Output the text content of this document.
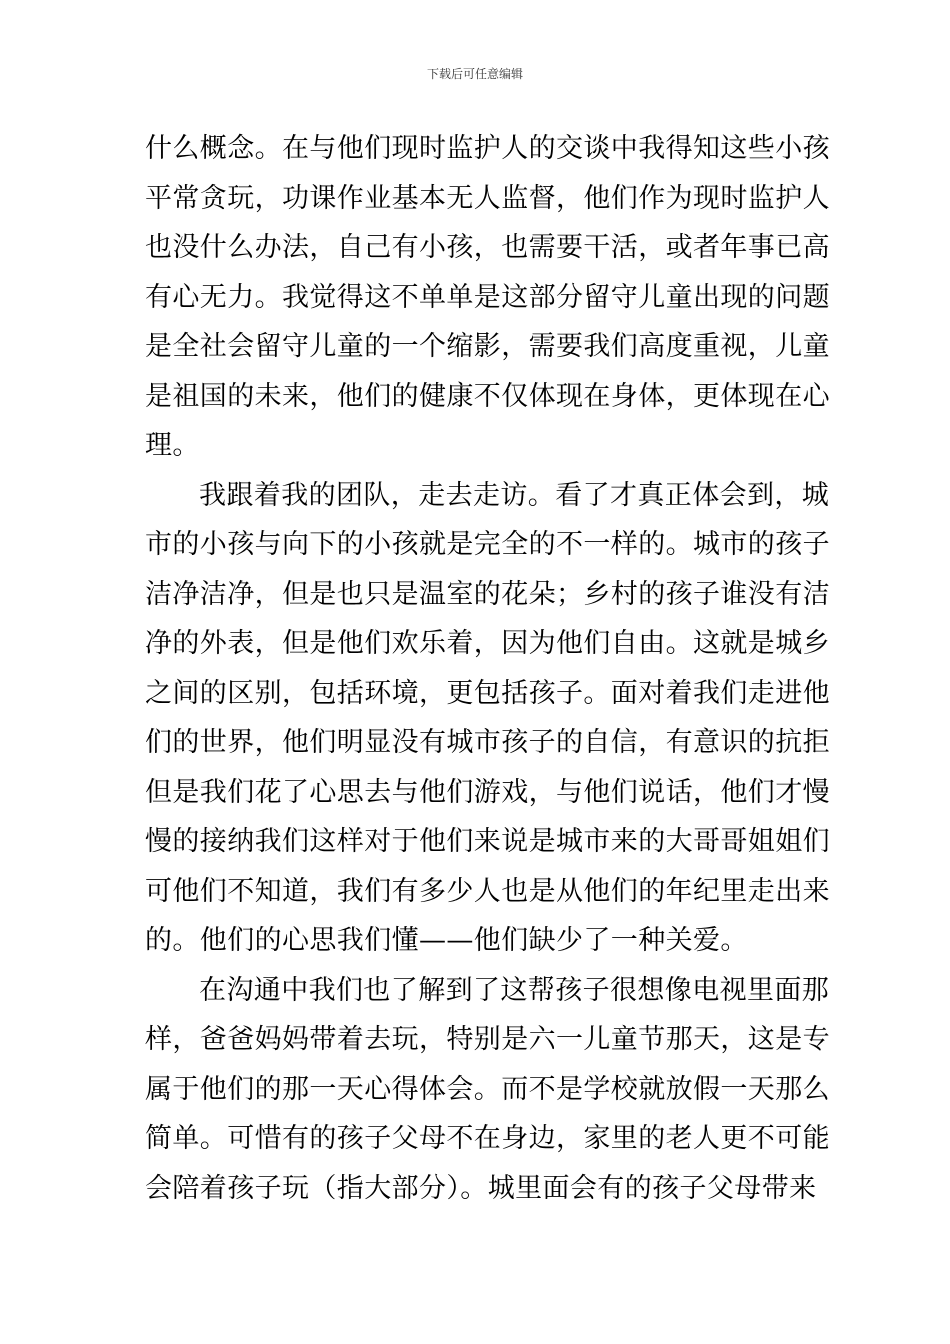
下载后可任意编辑
什么概念。在与他们现时监护人的交谈中我得知这些小孩
平常贪玩，功课作业基本无人监督，他们作为现时监护人
也没什么办法，自己有小孩，也需要干活，或者年事已高
有心无力。我觉得这不单单是这部分留守儿童出现的问题
是全社会留守儿童的一个缩影，需要我们高度重视，儿童
是祖国的未来，他们的健康不仅体现在身体，更体现在心
理。
我跟着我的团队，走去走访。看了才真正体会到，城
市的小孩与向下的小孩就是完全的不一样的。城市的孩子
洁净洁净，但是也只是温室的花朵；乡村的孩子谁没有洁
净的外表，但是他们欢乐着，因为他们自由。这就是城乡
之间的区别，包括环境，更包括孩子。面对着我们走进他
们的世界，他们明显没有城市孩子的自信，有意识的抗拒
但是我们花了心思去与他们游戏，与他们说话，他们才慢
慢的接纳我们这样对于他们来说是城市来的大哥哥姐姐们
可他们不知道，我们有多少人也是从他们的年纪里走出来
的。他们的心思我们懂——他们缺少了一种关爱。
在沟通中我们也了解到了这帮孩子很想像电视里面那
样，爸爸妈妈带着去玩，特别是六一儿童节那天，这是专
属于他们的那一天心得体会。而不是学校就放假一天那么
简单。可惜有的孩子父母不在身边，家里的老人更不可能
会陪着孩子玩（指大部分）。城里面会有的孩子父母带来
